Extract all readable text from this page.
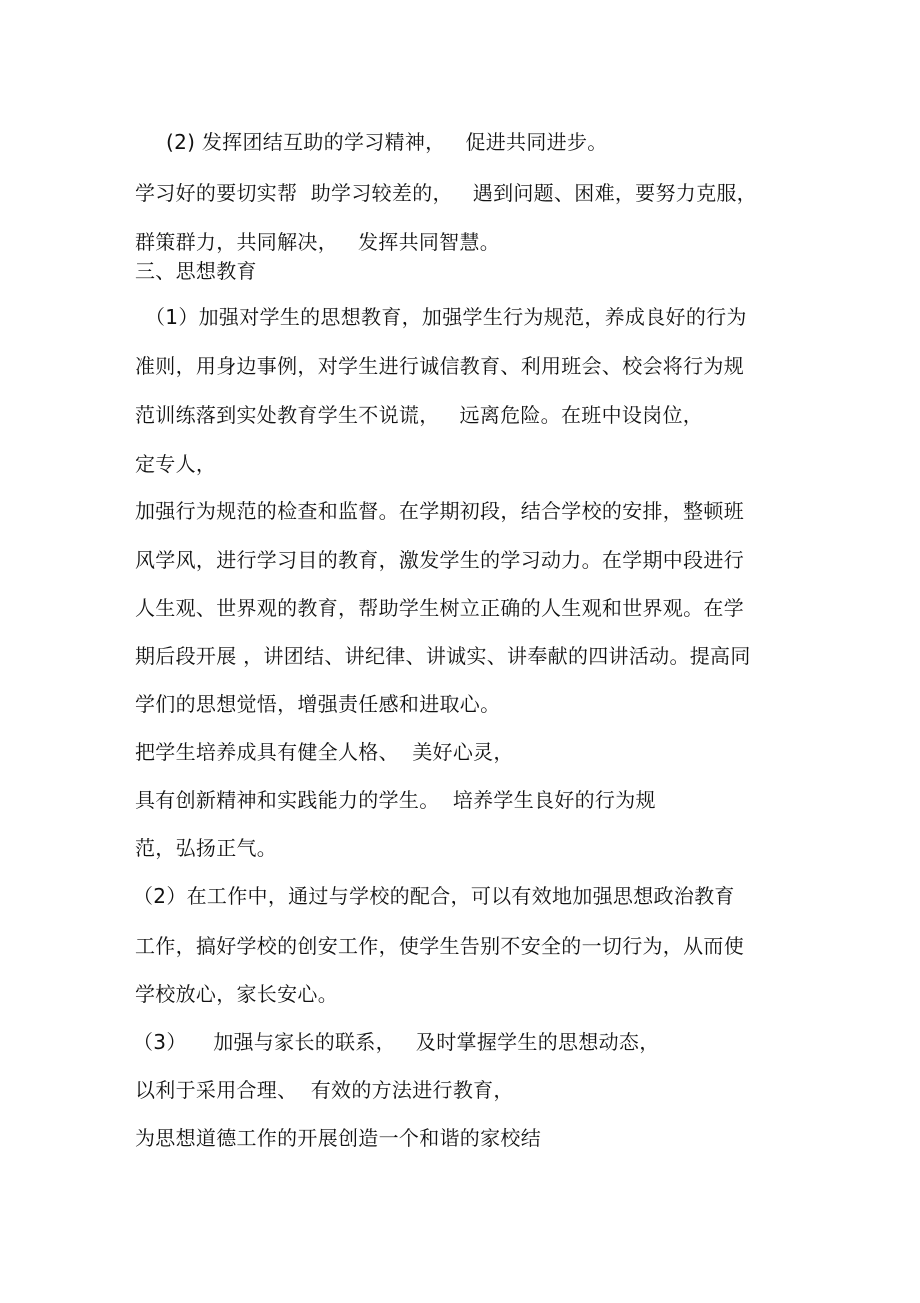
(2) 发挥团结互助的学习精神，   促进共同进步。
学习好的要切实帮  助学习较差的，   遇到问题、困难，要努力克服，
群策群力，共同解决，   发挥共同智慧。
三、思想教育
（1）加强对学生的思想教育，加强学生行为规范，养成良好的行为
准则，用身边事例，对学生进行诚信教育、利用班会、校会将行为规
范训练落到实处教育学生不说谎，   远离危险。在班中设岗位，
定专人，
加强行为规范的检查和监督。在学期初段，结合学校的安排，整顿班
风学风，进行学习目的教育，激发学生的学习动力。在学期中段进行
人生观、世界观的教育，帮助学生树立正确的人生观和世界观。在学
期后段开展 ，讲团结、讲纪律、讲诚实、讲奉献的四讲活动。提高同
学们的思想觉悟，增强责任感和进取心。
把学生培养成具有健全人格、  美好心灵，
具有创新精神和实践能力的学生。  培养学生良好的行为规
范，弘扬正气。
（2）在工作中，通过与学校的配合，可以有效地加强思想政治教育
工作，搞好学校的创安工作，使学生告别不安全的一切行为，从而使
学校放心，家长安心。
（3）    加强与家长的联系，   及时掌握学生的思想动态，
以利于采用合理、  有效的方法进行教育，
为思想道德工作的开展创造一个和谐的家校结
